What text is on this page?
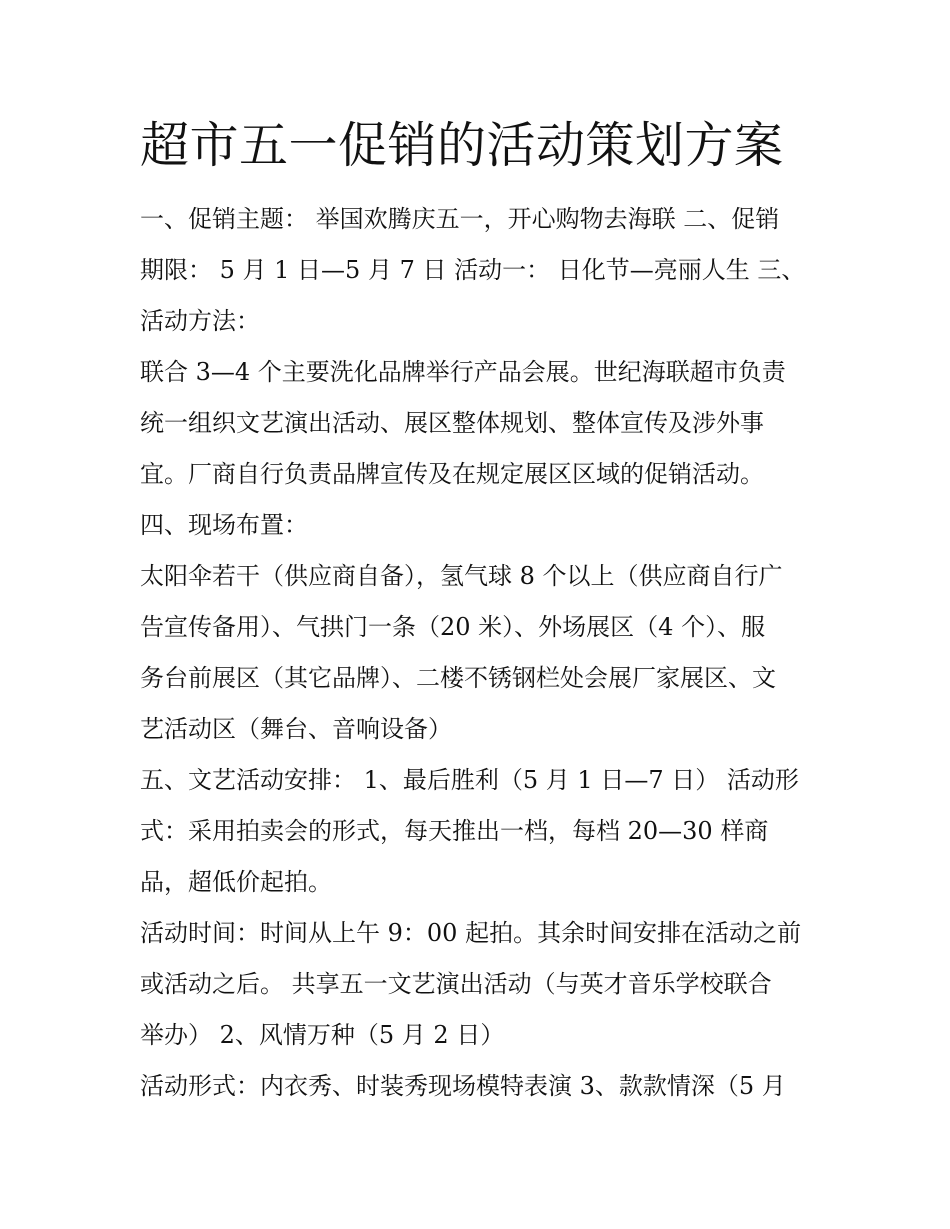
超市五一促销的活动策划方案
一、促销主题： 举国欢腾庆五一，开心购物去海联 二、促销
期限： 5 月 1 日—5 月 7 日 活动一： 日化节—亮丽人生 三、
活动方法：
联合 3—4 个主要洗化品牌举行产品会展。世纪海联超市负责
统一组织文艺演出活动、展区整体规划、整体宣传及涉外事
宜。厂商自行负责品牌宣传及在规定展区区域的促销活动。
四、现场布置：
太阳伞若干（供应商自备），氢气球 8 个以上（供应商自行广
告宣传备用）、气拱门一条（20 米）、外场展区（4 个）、服
务台前展区（其它品牌）、二楼不锈钢栏处会展厂家展区、文
艺活动区（舞台、音响设备）
五、文艺活动安排： 1、最后胜利（5 月 1 日—7 日） 活动形
式：采用拍卖会的形式，每天推出一档，每档 20—30 样商
品，超低价起拍。
活动时间：时间从上午 9：00 起拍。其余时间安排在活动之前
或活动之后。 共享五一文艺演出活动（与英才音乐学校联合
举办） 2、风情万种（5 月 2 日）
活动形式：内衣秀、时装秀现场模特表演 3、款款情深（5 月
